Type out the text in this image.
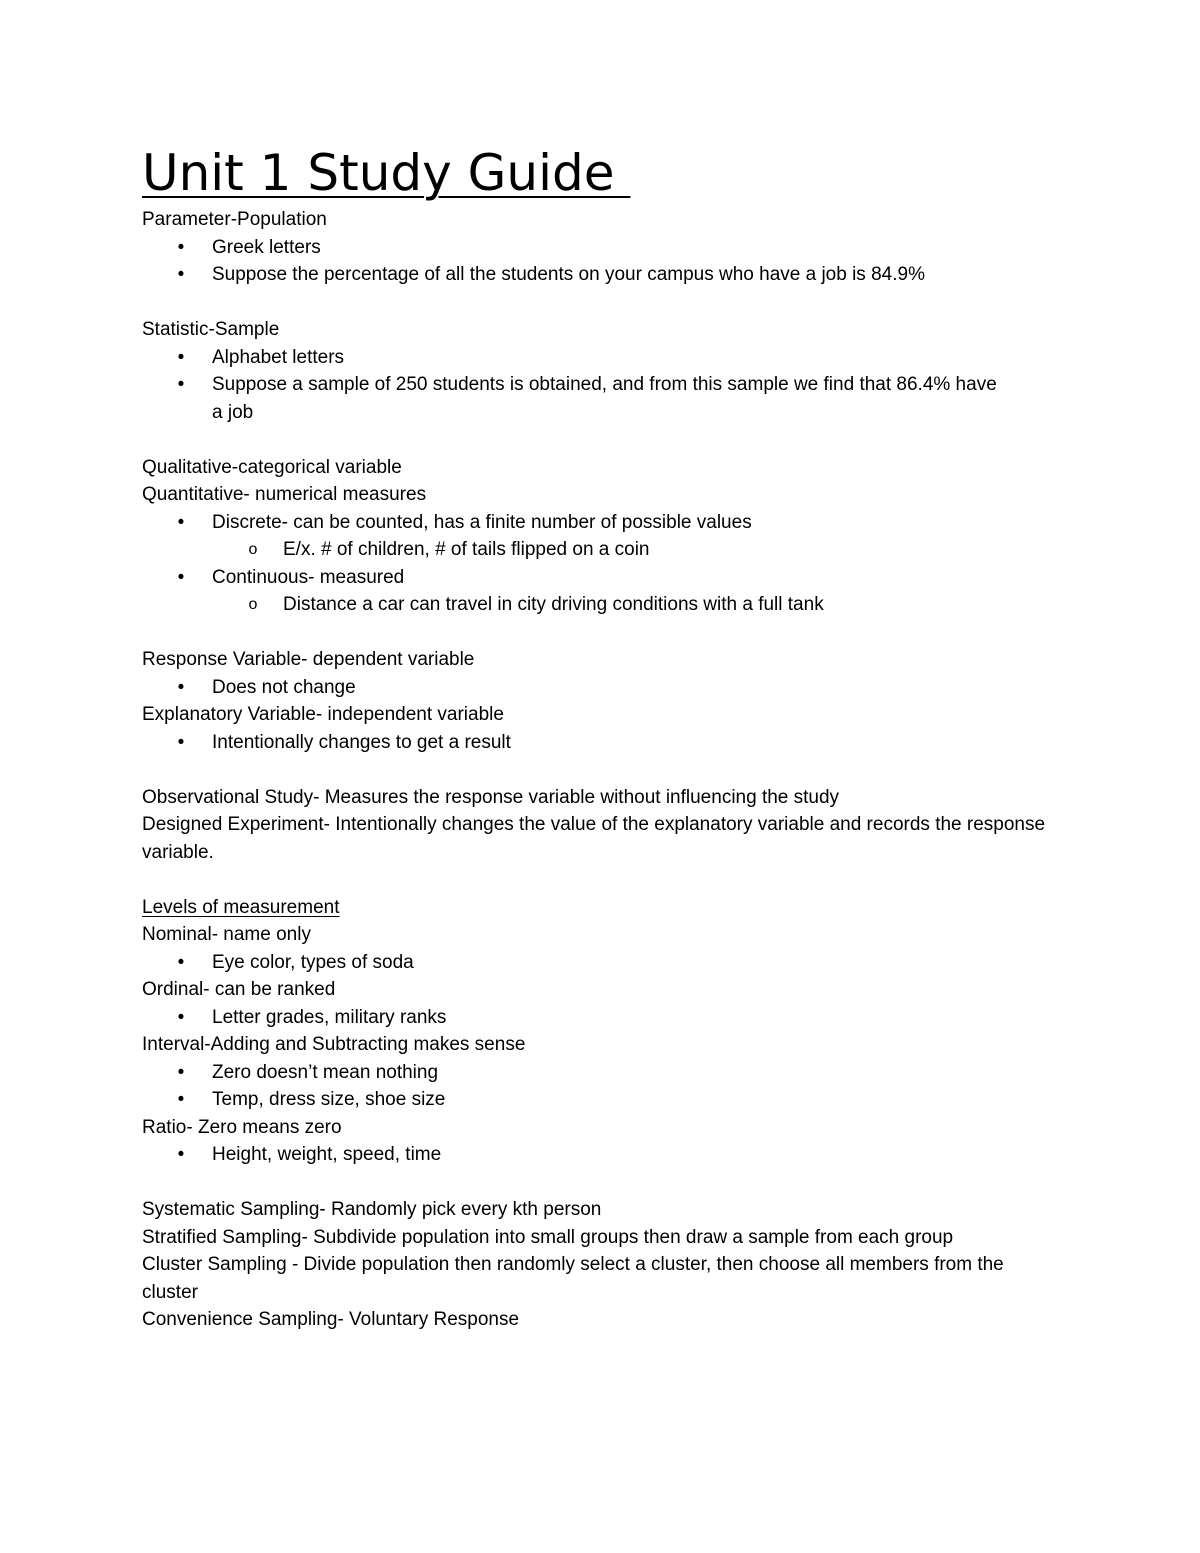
Unit 1 Study Guide

Parameter-Population

• Greek letters

• Suppose the percentage of all the students on your campus who have a job is 84.9%

Statistic-Sample

• Alphabet letters

• Suppose a sample of 250 students is obtained, and from this sample we find that 86.4% have a job

Qualitative-categorical variable

Quantitative- numerical measures

• Discrete- can be counted, has a finite number of possible values

o E/x. # of children, # of tails flipped on a coin

• Continuous- measured

o Distance a car can travel in city driving conditions with a full tank

Response Variable- dependent variable

• Does not change

Explanatory Variable- independent variable

• Intentionally changes to get a result

Observational Study- Measures the response variable without influencing the study

Designed Experiment- Intentionally changes the value of the explanatory variable and records the response variable.

Levels of measurement

Nominal- name only

• Eye color, types of soda

Ordinal- can be ranked

• Letter grades, military ranks

Interval-Adding and Subtracting makes sense

• Zero doesn’t mean nothing

• Temp, dress size, shoe size

Ratio- Zero means zero

• Height, weight, speed, time

Systematic Sampling- Randomly pick every kth person

Stratified Sampling- Subdivide population into small groups then draw a sample from each group

Cluster Sampling - Divide population then randomly select a cluster, then choose all members from the cluster

Convenience Sampling- Voluntary Response
